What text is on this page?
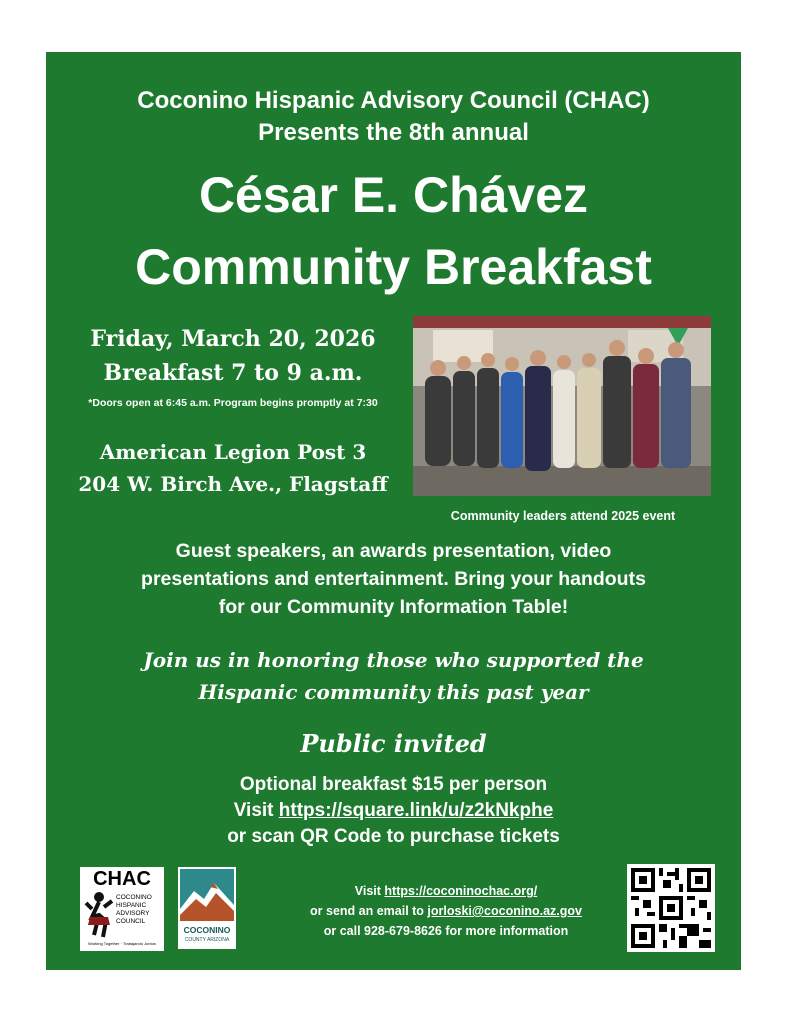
Coconino Hispanic Advisory Council (CHAC)
Presents the 8th annual
César E. Chávez
Community Breakfast
Friday, March 20, 2026
Breakfast 7 to 9 a.m.
*Doors open at 6:45 a.m. Program begins promptly at 7:30
American Legion Post 3
204 W. Birch Ave., Flagstaff
Community leaders attend 2025 event
Guest speakers, an awards presentation, video
presentations and entertainment. Bring your handouts
for our Community Information Table!
Join us in honoring those who supported the
Hispanic community this past year
Public invited
Optional breakfast $15 per person
Visit https://square.link/u/z2kNkphe
or scan QR Code to purchase tickets
CHAC
COCONINO
HISPANIC
ADVISORY
COUNCIL
Working Together · Trabajando Juntos
COCONINO
COUNTY ARIZONA
Visit https://coconinochac.org/
or send an email to jorloski@coconino.az.gov
or call 928-679-8626 for more information
